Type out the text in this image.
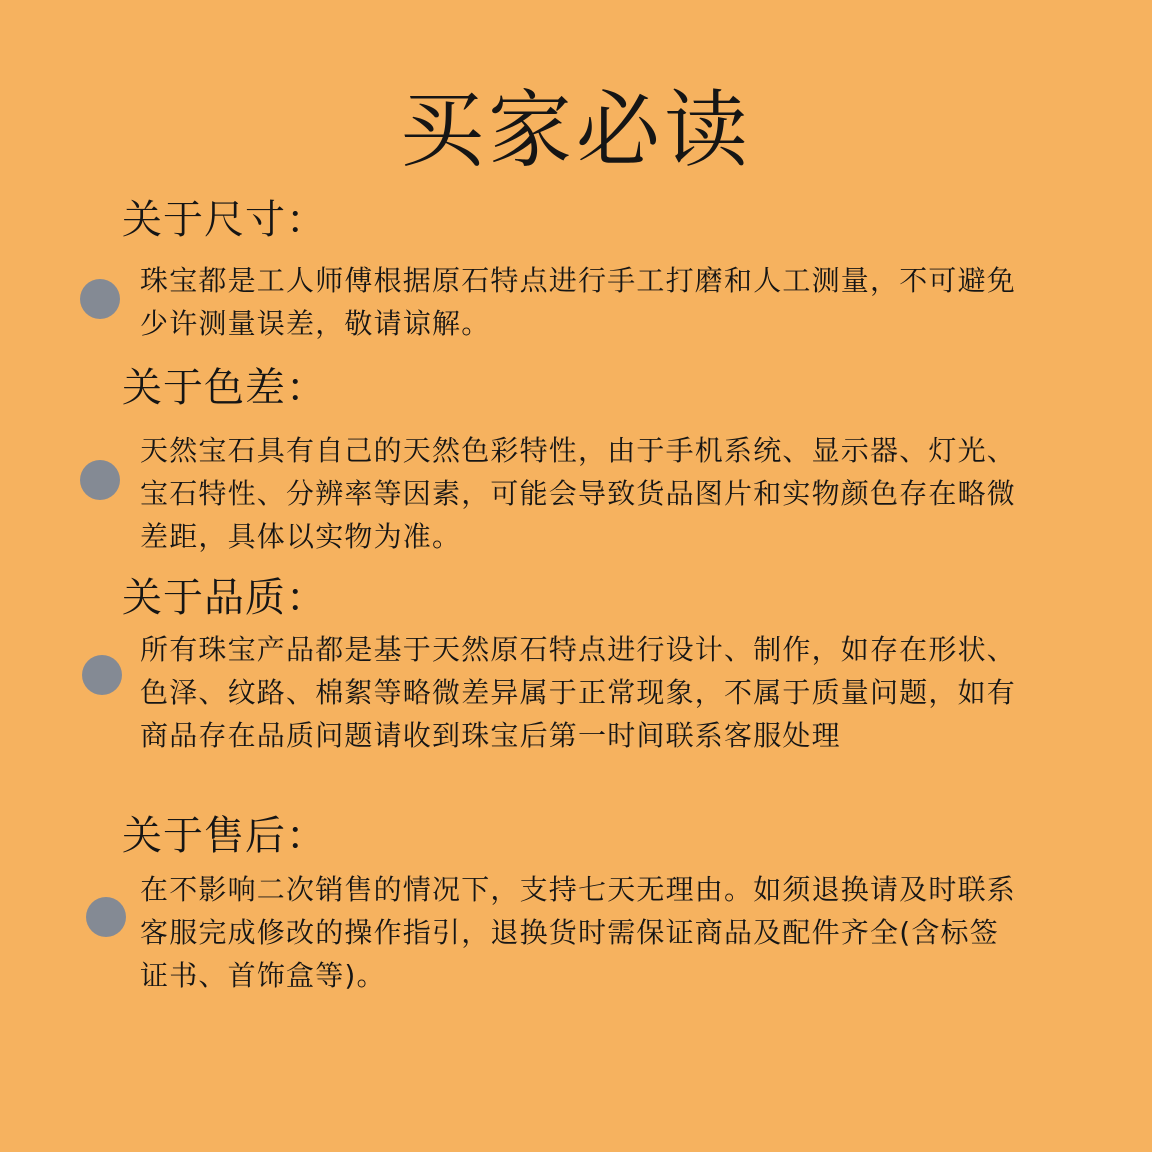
买家必读
关于尺寸：
珠宝都是工人师傅根据原石特点进行手工打磨和人工测量，不可避免少许测量误差，敬请谅解。
关于色差：
天然宝石具有自己的天然色彩特性，由于手机系统、显示器、灯光、宝石特性、分辨率等因素，可能会导致货品图片和实物颜色存在略微差距，具体以实物为准。
关于品质：
所有珠宝产品都是基于天然原石特点进行设计、制作，如存在形状、色泽、纹路、棉絮等略微差异属于正常现象，不属于质量问题，如有商品存在品质问题请收到珠宝后第一时间联系客服处理
关于售后：
在不影响二次销售的情况下，支持七天无理由。如须退换请及时联系客服完成修改的操作指引，退换货时需保证商品及配件齐全(含标签证书、首饰盒等)。
